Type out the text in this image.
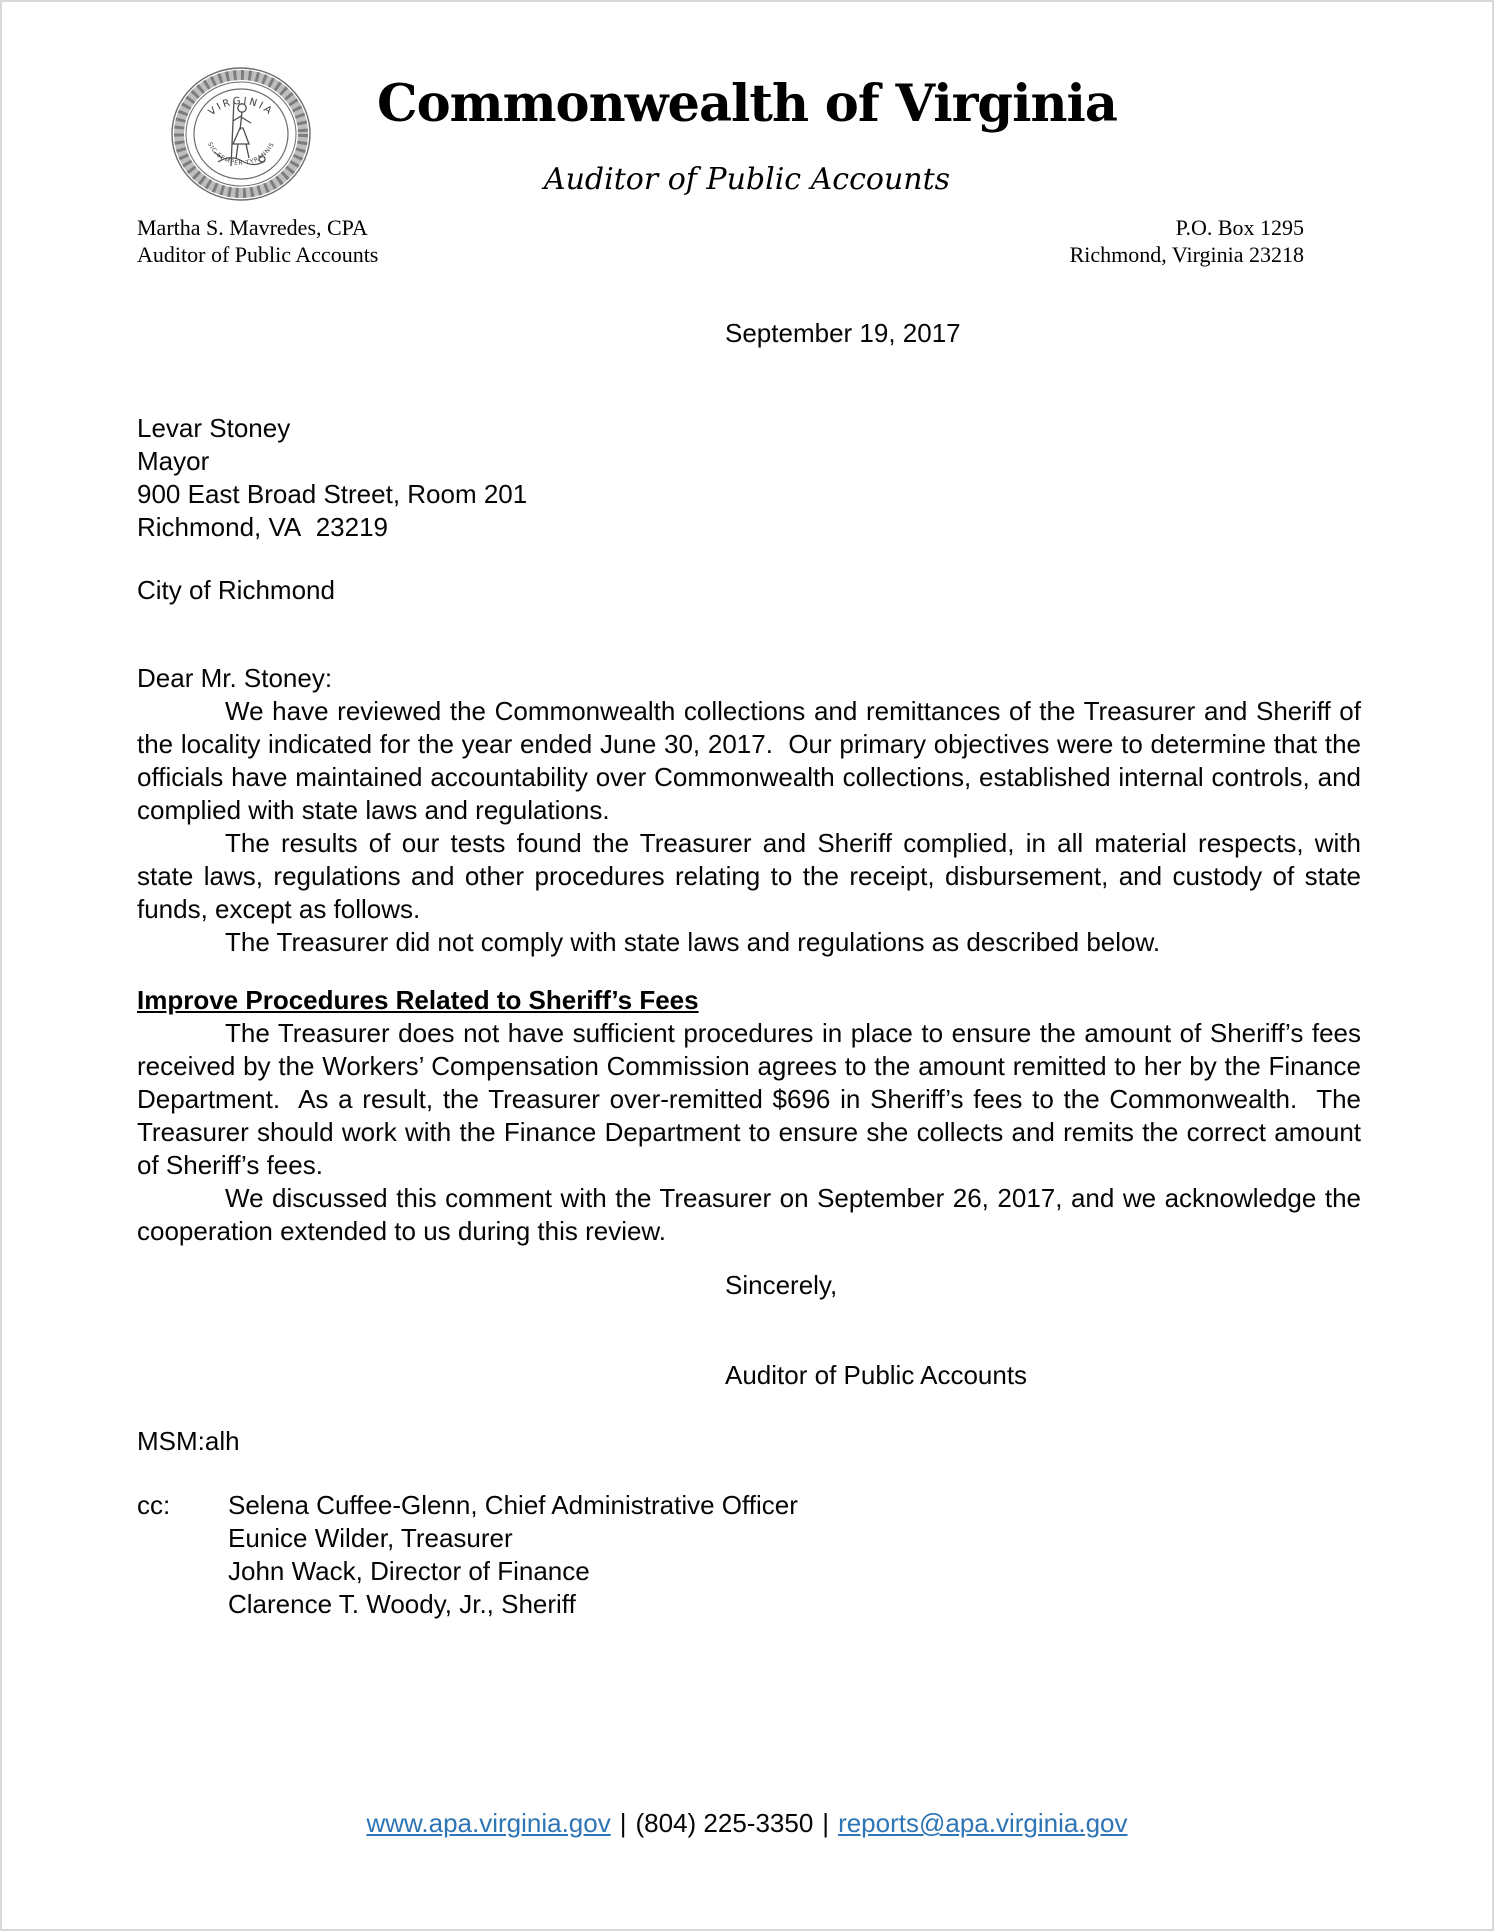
VIRGINIA
SIC SEMPER TYRANNIS
Commonwealth of Virginia
Auditor of Public Accounts
Martha S. Mavredes, CPA
Auditor of Public Accounts
P.O. Box 1295
Richmond, Virginia 23218
September 19, 2017
Levar Stoney
Mayor
900 East Broad Street, Room 201
Richmond, VA  23219
City of Richmond
Dear Mr. Stoney:

We have reviewed the Commonwealth collections and remittances of the Treasurer and Sheriff of the locality indicated for the year ended June 30, 2017.  Our primary objectives were to determine that the officials have maintained accountability over Commonwealth collections, established internal controls, and complied with state laws and regulations.

The results of our tests found the Treasurer and Sheriff complied, in all material respects, with state laws, regulations and other procedures relating to the receipt, disbursement, and custody of state funds, except as follows.

The Treasurer did not comply with state laws and regulations as described below.

Improve Procedures Related to Sheriff’s Fees

The Treasurer does not have sufficient procedures in place to ensure the amount of Sheriff’s fees received by the Workers’ Compensation Commission agrees to the amount remitted to her by the Finance Department.  As a result, the Treasurer over-remitted $696 in Sheriff’s fees to the Commonwealth.  The Treasurer should work with the Finance Department to ensure she collects and remits the correct amount of Sheriff’s fees.

We discussed this comment with the Treasurer on September 26, 2017, and we acknowledge the cooperation extended to us during this review.

Sincerely,
Auditor of Public Accounts
MSM:alh
cc:	Selena Cuffee-Glenn, Chief Administrative Officer
Eunice Wilder, Treasurer
John Wack, Director of Finance
Clarence T. Woody, Jr., Sheriff
www.apa.virginia.gov | (804) 225-3350 | reports@apa.virginia.gov
